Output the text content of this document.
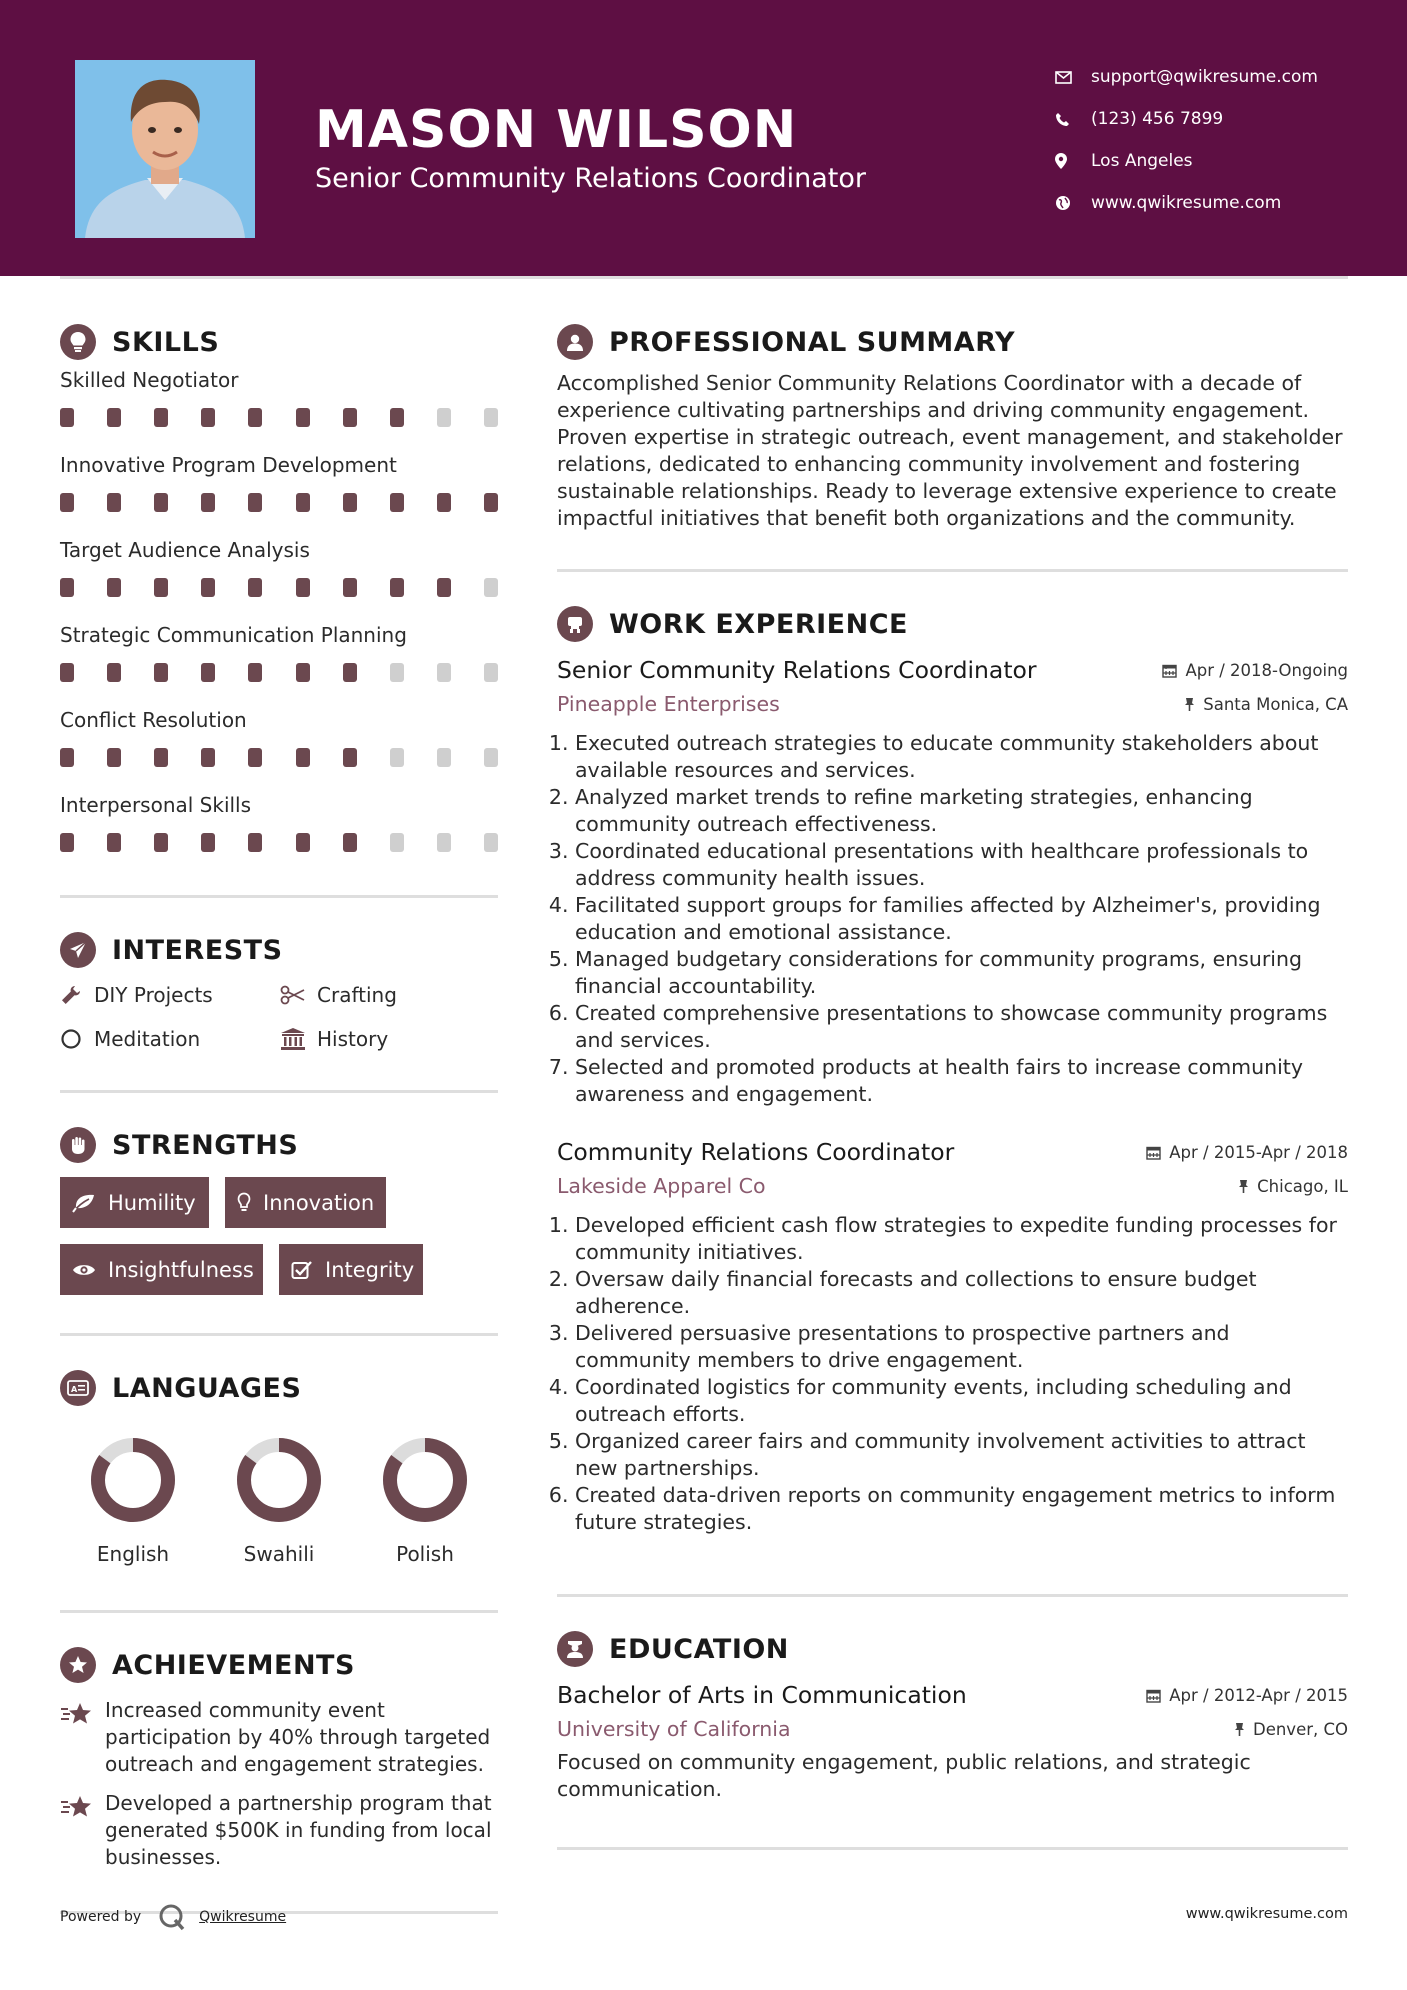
MASON WILSON
Senior Community Relations Coordinator
support@qwikresume.com
(123) 456 7899
Los Angeles
www.qwikresume.com
SKILLS
Skilled Negotiator
Innovative Program Development
Target Audience Analysis
Strategic Communication Planning
Conflict Resolution
Interpersonal Skills
INTERESTS
DIY Projects	Crafting
Meditation	History
STRENGTHS
Humility	Innovation
Insightfulness	Integrity
A LANGUAGES
English	Swahili	Polish
ACHIEVEMENTS
Increased community event participation by 40% through targeted outreach and engagement strategies.
Developed a partnership program that generated $500K in funding from local businesses.
PROFESSIONAL SUMMARY
Accomplished Senior Community Relations Coordinator with a decade of experience cultivating partnerships and driving community engagement. Proven expertise in strategic outreach, event management, and stakeholder relations, dedicated to enhancing community involvement and fostering sustainable relationships. Ready to leverage extensive experience to create impactful initiatives that benefit both organizations and the community.
WORK EXPERIENCE
Senior Community Relations Coordinator	Apr / 2018-Ongoing
Pineapple Enterprises	Santa Monica, CA
1. Executed outreach strategies to educate community stakeholders about available resources and services.
2. Analyzed market trends to refine marketing strategies, enhancing community outreach effectiveness.
3. Coordinated educational presentations with healthcare professionals to address community health issues.
4. Facilitated support groups for families affected by Alzheimer's, providing education and emotional assistance.
5. Managed budgetary considerations for community programs, ensuring financial accountability.
6. Created comprehensive presentations to showcase community programs and services.
7. Selected and promoted products at health fairs to increase community awareness and engagement.
Community Relations Coordinator	Apr / 2015-Apr / 2018
Lakeside Apparel Co	Chicago, IL
1. Developed efficient cash flow strategies to expedite funding processes for community initiatives.
2. Oversaw daily financial forecasts and collections to ensure budget adherence.
3. Delivered persuasive presentations to prospective partners and community members to drive engagement.
4. Coordinated logistics for community events, including scheduling and outreach efforts.
5. Organized career fairs and community involvement activities to attract new partnerships.
6. Created data-driven reports on community engagement metrics to inform future strategies.
EDUCATION
Bachelor of Arts in Communication	Apr / 2012-Apr / 2015
University of California	Denver, CO
Focused on community engagement, public relations, and strategic communication.
Powered by	Qwikresume	www.qwikresume.com
